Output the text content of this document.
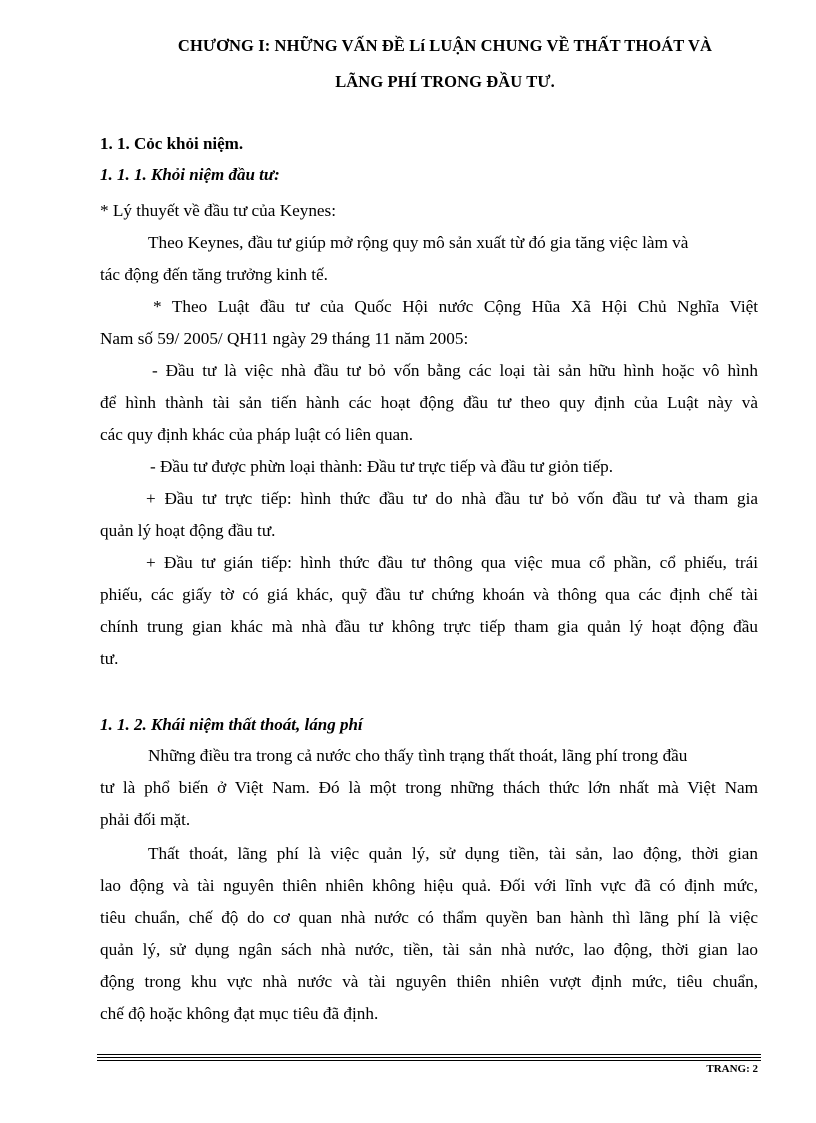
CHƯƠNG I: NHỮNG VẤN ĐỀ Lí LUẬN CHUNG VỀ THẤT THOÁT VÀ
LÃNG PHÍ TRONG ĐẦU TƯ.
1. 1. Cỏc khỏi niệm.
1. 1. 1. Khỏi niệm đầu tư:
* Lý thuyết về đầu tư của Keynes:
Theo Keynes, đầu tư giúp mở rộng quy mô sản xuất từ đó gia tăng việc làm và
tác động đến tăng trưởng kinh tế.
* Theo Luật đầu tư của Quốc Hội nước Cộng Hũa Xã Hội Chủ Nghĩa Việt
Nam số 59/ 2005/ QH11 ngày 29 tháng 11 năm 2005:
- Đầu tư là việc nhà đầu tư bỏ vốn bằng các loại tài sản hữu hình hoặc vô hình
để hình thành tài sản tiến hành các hoạt động đầu tư theo quy định của Luật này và
các quy định khác của pháp luật có liên quan.
- Đầu tư được phừn loại thành: Đầu tư trực tiếp và đầu tư giỏn tiếp.
+ Đầu tư trực tiếp: hình thức đầu tư do nhà đầu tư bỏ vốn đầu tư và tham gia
quản lý hoạt động đầu tư.
+ Đầu tư gián tiếp: hình thức đầu tư thông qua việc mua cổ phần, cổ phiếu, trái
phiếu, các giấy tờ có giá khác, quỹ đầu tư chứng khoán và thông qua các định chế tài
chính trung gian khác mà nhà đầu tư không trực tiếp tham gia quản lý hoạt động đầu
tư.
1. 1. 2. Khái niệm thất thoát, láng phí
Những điều tra trong cả nước cho thấy tình trạng thất thoát, lãng phí trong đầu
tư là phổ biến ở Việt Nam. Đó là một trong những thách thức lớn nhất mà Việt Nam
phải đối mặt.
Thất thoát, lãng phí là việc quản lý, sử dụng tiền, tài sản, lao động, thời gian
lao động và tài nguyên thiên nhiên không hiệu quả. Đối với lĩnh vực đã có định mức,
tiêu chuẩn, chế độ do cơ quan nhà nước có thẩm quyền ban hành thì lãng phí là việc
quản lý, sử dụng ngân sách nhà nước, tiền, tài sản nhà nước, lao động, thời gian lao
động trong khu vực nhà nước và tài nguyên thiên nhiên vượt định mức, tiêu chuẩn,
chế độ hoặc không đạt mục tiêu đã định.
TRANG: 2
